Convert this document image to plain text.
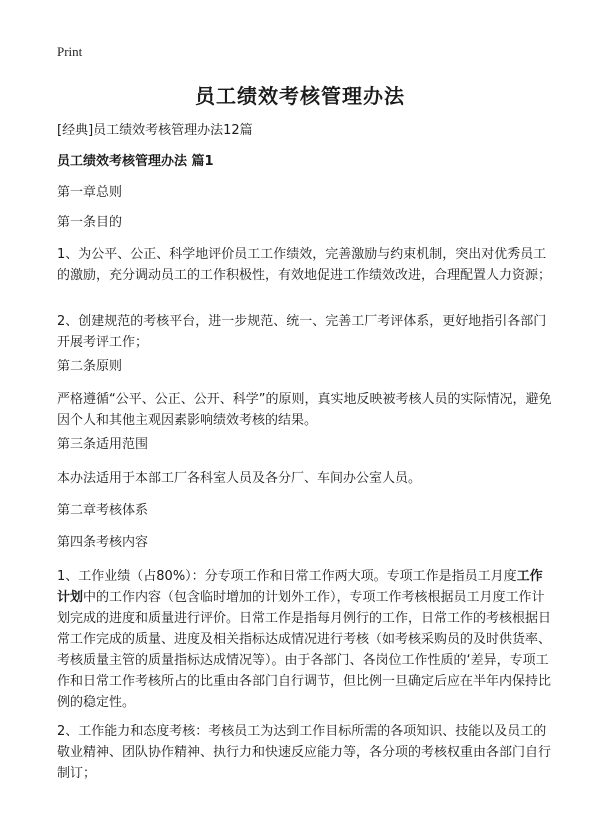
Print
员工绩效考核管理办法

[经典]员工绩效考核管理办法12篇

员工绩效考核管理办法 篇1

第一章总则

第一条目的

1、为公平、公正、科学地评价员工工作绩效，完善激励与约束机制，突出对优秀员工的激励，充分调动员工的工作积极性，有效地促进工作绩效改进，合理配置人力资源；

2、创建规范的考核平台，进一步规范、统一、完善工厂考评体系，更好地指引各部门开展考评工作；

第二条原则

严格遵循“公平、公正、公开、科学”的原则，真实地反映被考核人员的实际情况，避免因个人和其他主观因素影响绩效考核的结果。

第三条适用范围

本办法适用于本部工厂各科室人员及各分厂、车间办公室人员。

第二章考核体系

第四条考核内容

1、工作业绩（占80%）：分专项工作和日常工作两大项。专项工作是指员工月度工作计划中的工作内容（包含临时增加的计划外工作），专项工作考核根据员工月度工作计划完成的进度和质量进行评价。日常工作是指每月例行的工作，日常工作的考核根据日常工作完成的质量、进度及相关指标达成情况进行考核（如考核采购员的及时供货率、考核质量主管的质量指标达成情况等）。由于各部门、各岗位工作性质的‘差异，专项工作和日常工作考核所占的比重由各部门自行调节，但比例一旦确定后应在半年内保持比例的稳定性。

2、工作能力和态度考核：考核员工为达到工作目标所需的各项知识、技能以及员工的敬业精神、团队协作精神、执行力和快速反应能力等，各分项的考核权重由各部门自行制订；
